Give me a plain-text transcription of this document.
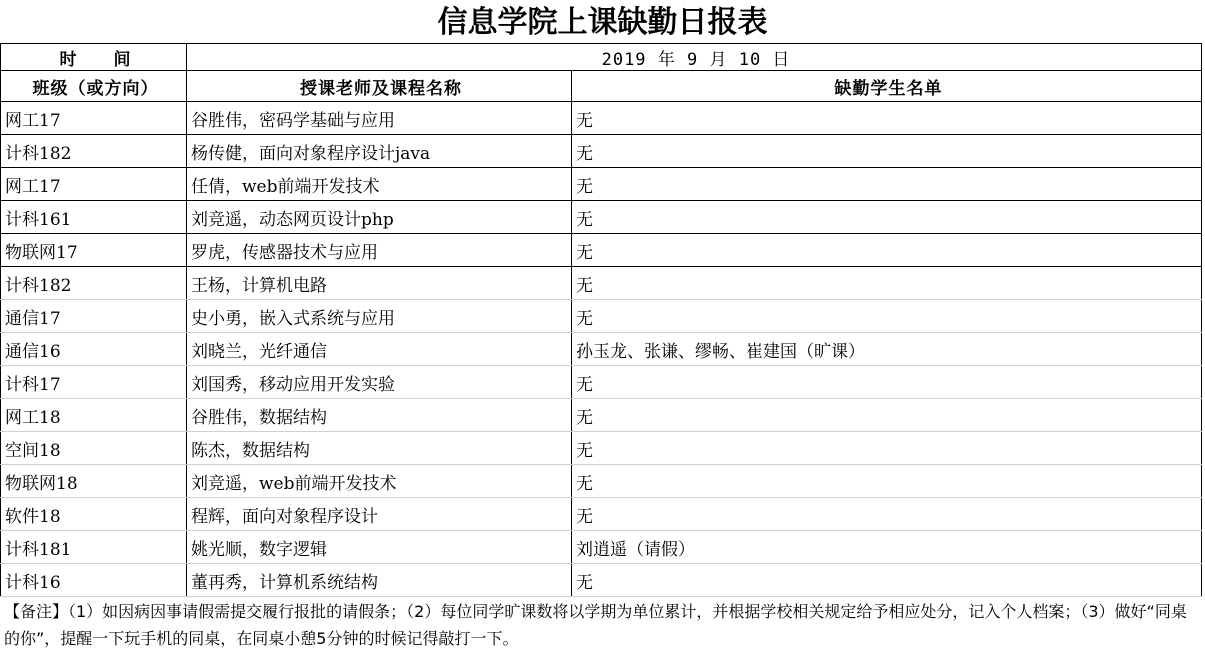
信息学院上课缺勤日报表
时　　间	2019 年 9 月 10 日	
班级（或方向）	授课老师及课程名称	缺勤学生名单
网工17	谷胜伟，密码学基础与应用	无
计科182	杨传健，面向对象程序设计java	无
网工17	任倩，web前端开发技术	无
计科161	刘竞遥，动态网页设计php	无
物联网17	罗虎，传感器技术与应用	无
计科182	王杨，计算机电路	无
通信17	史小勇，嵌入式系统与应用	无
通信16	刘晓兰，光纤通信	孙玉龙、张谦、缪畅、崔建国（旷课）
计科17	刘国秀，移动应用开发实验	无
网工18	谷胜伟，数据结构	无
空间18	陈杰，数据结构	无
物联网18	刘竞遥，web前端开发技术	无
软件18	程辉，面向对象程序设计	无
计科181	姚光顺，数字逻辑	刘逍遥（请假）
计科16	董再秀，计算机系统结构	无
【备注】（1）如因病因事请假需提交履行报批的请假条；（2）每位同学旷课数将以学期为单位累计，并根据学校相关规定给予相应处分，记入个人档案；（3）做好“同桌的你”，提醒一下玩手机的同桌，在同桌小憩5分钟的时候记得敲打一下。
